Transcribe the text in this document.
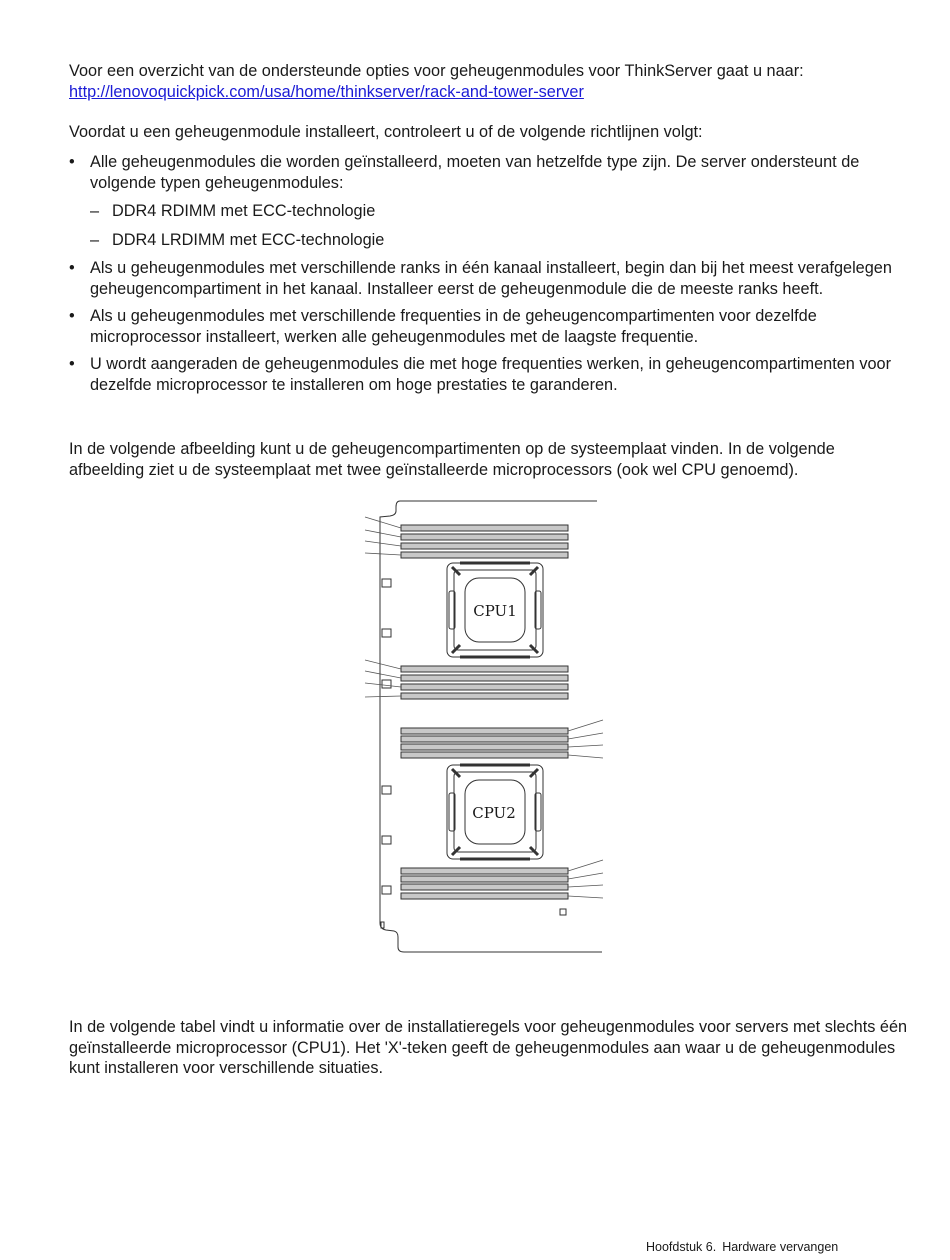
Voor een overzicht van de ondersteunde opties voor geheugenmodules voor ThinkServer gaat u naar:

http://lenovoquickpick.com/usa/home/thinkserver/rack-and-tower-server

Voordat u een geheugenmodule installeert, controleert u of de volgende richtlijnen volgt:

• Alle geheugenmodules die worden geïnstalleerd, moeten van hetzelfde type zijn. De server ondersteunt de volgende typen geheugenmodules:
– DDR4 RDIMM met ECC-technologie
– DDR4 LRDIMM met ECC-technologie
• Als u geheugenmodules met verschillende ranks in één kanaal installeert, begin dan bij het meest verafgelegen geheugencompartiment in het kanaal. Installeer eerst de geheugenmodule die de meeste ranks heeft.
• Als u geheugenmodules met verschillende frequenties in de geheugencompartimenten voor dezelfde microprocessor installeert, werken alle geheugenmodules met de laagste frequentie.
• U wordt aangeraden de geheugenmodules die met hoge frequenties werken, in geheugencompartimenten voor dezelfde microprocessor te installeren om hoge prestaties te garanderen.

In de volgende afbeelding kunt u de geheugencompartimenten op de systeemplaat vinden. In de volgende afbeelding ziet u de systeemplaat met twee geïnstalleerde microprocessors (ook wel CPU genoemd).

In de volgende tabel vindt u informatie over de installatieregels voor geheugenmodules voor servers met slechts één geïnstalleerde microprocessor (CPU1). Het 'X'-teken geeft de geheugenmodules aan waar u de geheugenmodules kunt installeren voor verschillende situaties.

CPU1
CPU2
Hoofdstuk 6. Hardware vervangen
